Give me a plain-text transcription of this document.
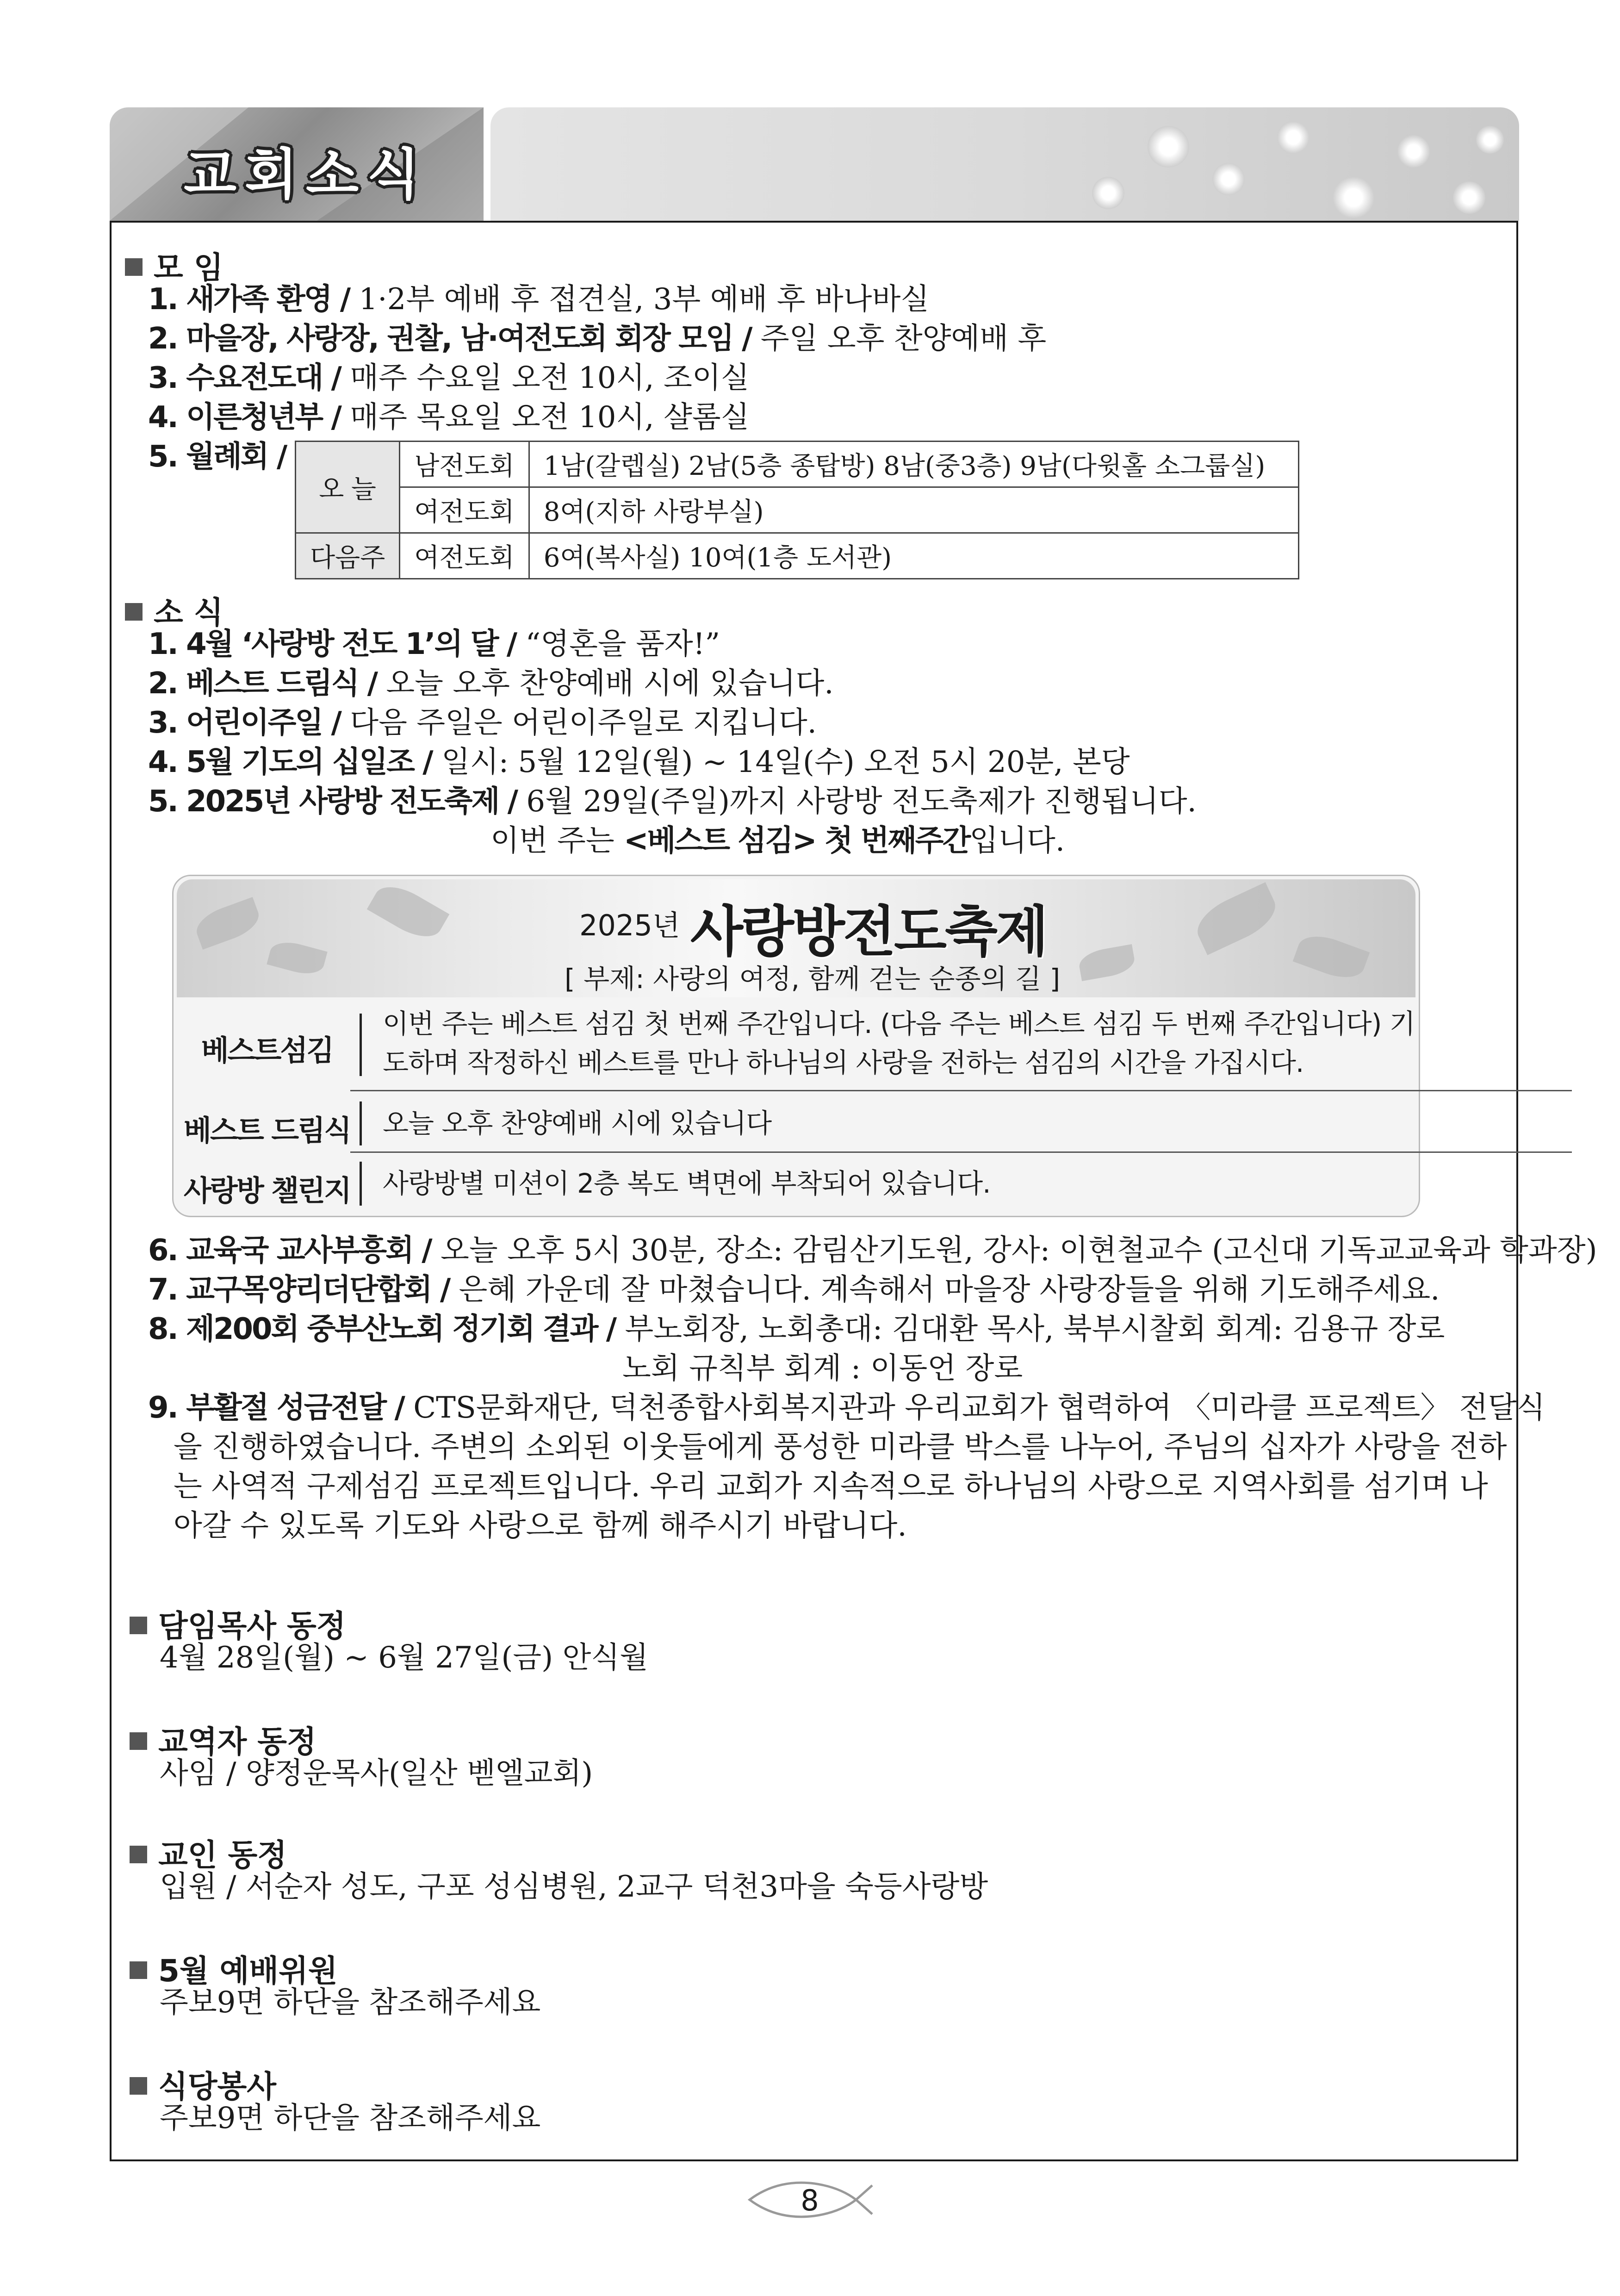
교회소식
모 임
1. 새가족 환영 / 1·2부 예배 후 접견실, 3부 예배 후 바나바실
2. 마을장, 사랑장, 권찰, 남·여전도회 회장 모임 / 주일 오후 찬양예배 후
3. 수요전도대 / 매주 수요일 오전 10시, 조이실
4. 이른청년부 / 매주 목요일 오전 10시, 샬롬실
5. 월례회 /
오 늘	남전도회	1남(갈렙실) 2남(5층 종탑방) 8남(중3층) 9남(다윗홀 소그룹실)
	여전도회	8여(지하 사랑부실)
다음주	여전도회	6여(복사실) 10여(1층 도서관)
소 식
1. 4월 ‘사랑방 전도 1’의 달 / “영혼을 품자!”
2. 베스트 드림식 / 오늘 오후 찬양예배 시에 있습니다.
3. 어린이주일 / 다음 주일은 어린이주일로 지킵니다.
4. 5월 기도의 십일조 / 일시: 5월 12일(월) ~ 14일(수) 오전 5시 20분, 본당
5. 2025년 사랑방 전도축제 / 6월 29일(주일)까지 사랑방 전도축제가 진행됩니다.
이번 주는 <베스트 섬김> 첫 번째주간입니다.
2025년 사랑방전도축제
[ 부제: 사랑의 여정, 함께 걷는 순종의 길 ]
베스트섬김
이번 주는 베스트 섬김 첫 번째 주간입니다. (다음 주는 베스트 섬김 두 번째 주간입니다) 기
도하며 작정하신 베스트를 만나 하나님의 사랑을 전하는 섬김의 시간을 가집시다.
베스트 드림식 오늘 오후 찬양예배 시에 있습니다
사랑방 챌린지 사랑방별 미션이 2층 복도 벽면에 부착되어 있습니다.
6. 교육국 교사부흥회 / 오늘 오후 5시 30분, 장소: 감림산기도원, 강사: 이현철교수 (고신대 기독교교육과 학과장)
7. 교구목양리더단합회 / 은혜 가운데 잘 마쳤습니다. 계속해서 마을장 사랑장들을 위해 기도해주세요.
8. 제200회 중부산노회 정기회 결과 / 부노회장, 노회총대: 김대환 목사, 북부시찰회 회계: 김용규 장로
노회 규칙부 회계 : 이동언 장로
9. 부활절 성금전달 / CTS문화재단, 덕천종합사회복지관과 우리교회가 협력하여 〈미라클 프로젝트〉 전달식
을 진행하였습니다. 주변의 소외된 이웃들에게 풍성한 미라클 박스를 나누어, 주님의 십자가 사랑을 전하
는 사역적 구제섬김 프로젝트입니다. 우리 교회가 지속적으로 하나님의 사랑으로 지역사회를 섬기며 나
아갈 수 있도록 기도와 사랑으로 함께 해주시기 바랍니다.
담임목사 동정
4월 28일(월) ~ 6월 27일(금) 안식월
교역자 동정
사임 / 양정운목사(일산 벧엘교회)
교인 동정
입원 / 서순자 성도, 구포 성심병원, 2교구 덕천3마을 숙등사랑방
5월 예배위원
주보9면 하단을 참조해주세요
식당봉사
주보9면 하단을 참조해주세요
8
